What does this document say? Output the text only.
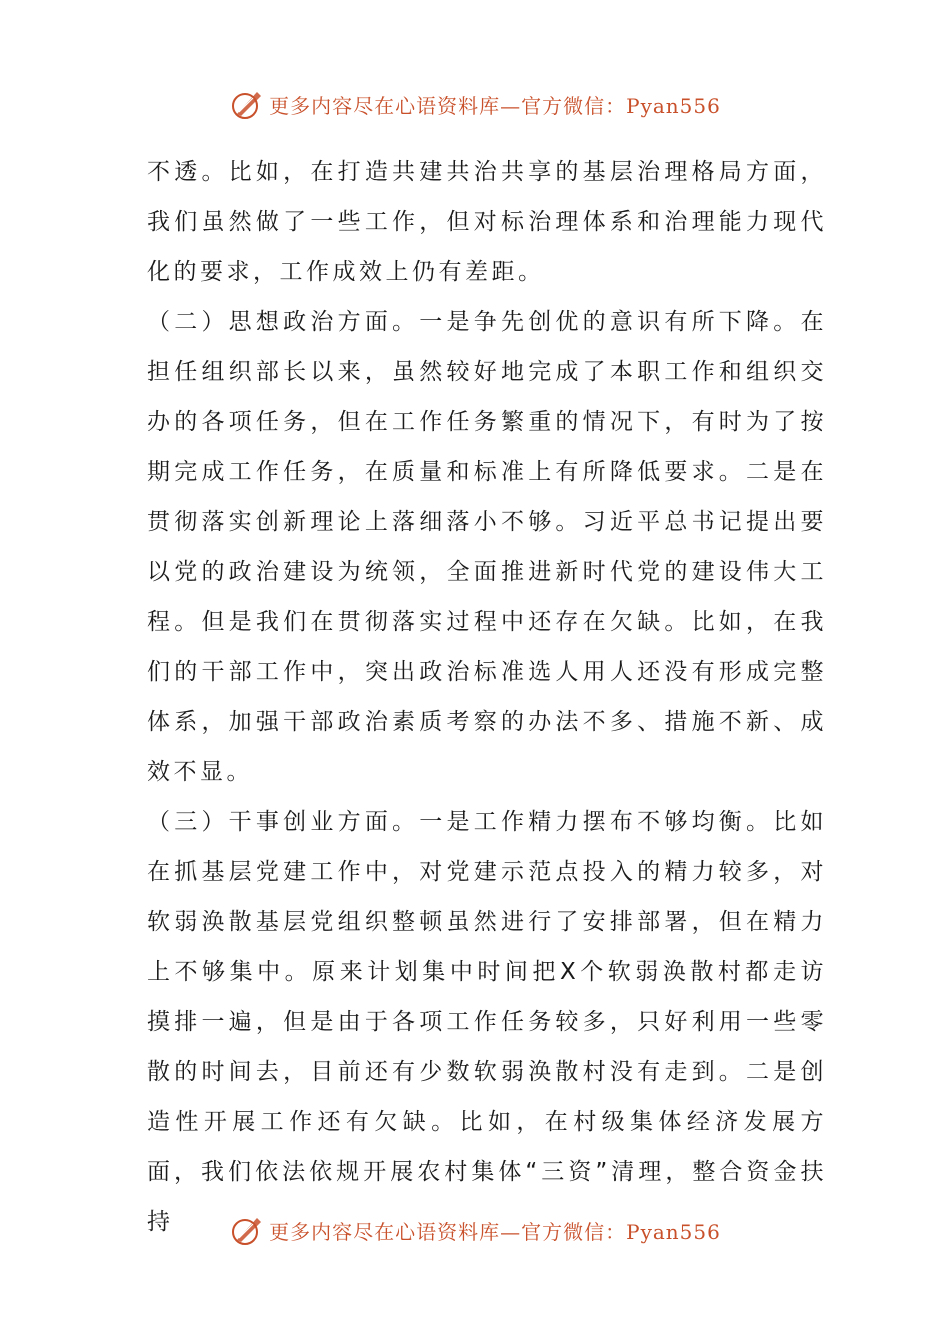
更多内容尽在心语资料库—官方微信：Pyan556

不透。比如，在打造共建共治共享的基层治理格局方面，我们虽然做了一些工作，但对标治理体系和治理能力现代化的要求，工作成效上仍有差距。

（二）思想政治方面。一是争先创优的意识有所下降。在担任组织部长以来，虽然较好地完成了本职工作和组织交办的各项任务，但在工作任务繁重的情况下，有时为了按期完成工作任务，在质量和标准上有所降低要求。二是在贯彻落实创新理论上落细落小不够。习近平总书记提出要以党的政治建设为统领，全面推进新时代党的建设伟大工程。但是我们在贯彻落实过程中还存在欠缺。比如，在我们的干部工作中，突出政治标准选人用人还没有形成完整体系，加强干部政治素质考察的办法不多、措施不新、成效不显。

（三）干事创业方面。一是工作精力摆布不够均衡。比如在抓基层党建工作中，对党建示范点投入的精力较多，对软弱涣散基层党组织整顿虽然进行了安排部署，但在精力上不够集中。原来计划集中时间把X个软弱涣散村都走访摸排一遍，但是由于各项工作任务较多，只好利用一些零散的时间去，目前还有少数软弱涣散村没有走到。二是创造性开展工作还有欠缺。比如，在村级集体经济发展方面，我们依法依规开展农村集体“三资”清理，整合资金扶持	更多内容尽在心语资料库—官方微信：Pyan556
